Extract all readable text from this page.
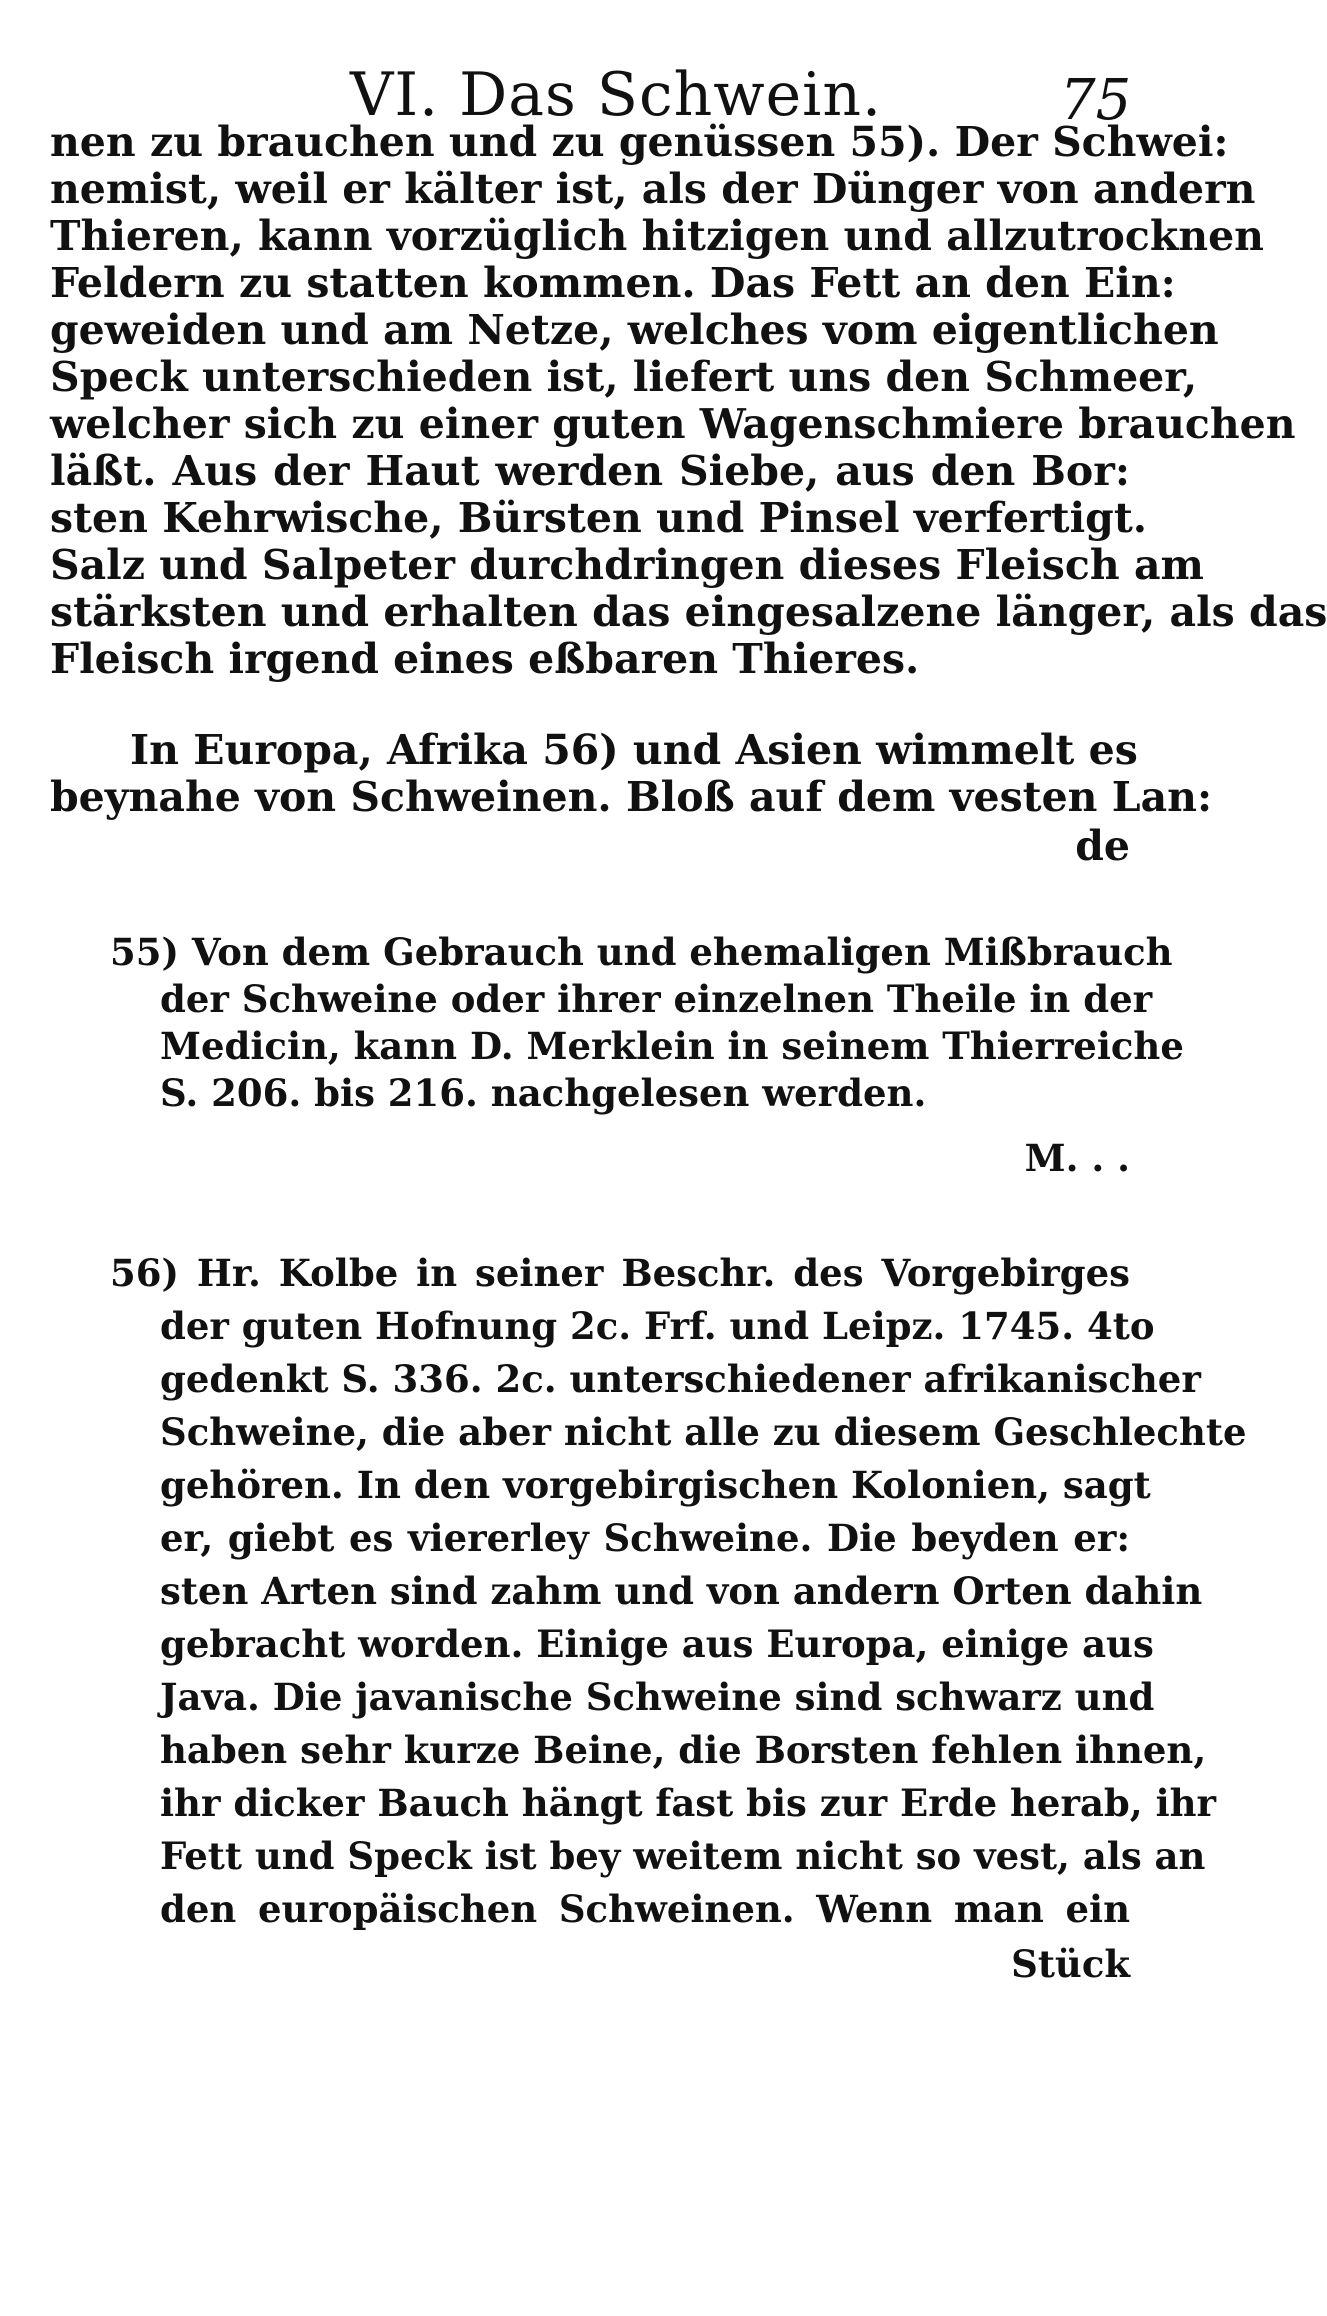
VI. Das Schwein.	75
nen zu brauchen und zu genüssen 55). Der Schwei:
nemist, weil er kälter ist, als der Dünger von andern
Thieren, kann vorzüglich hitzigen und allzutrocknen
Feldern zu statten kommen. Das Fett an den Ein:
geweiden und am Netze, welches vom eigentlichen
Speck unterschieden ist, liefert uns den Schmeer,
welcher sich zu einer guten Wagenschmiere brauchen
läßt. Aus der Haut werden Siebe, aus den Bor:
sten Kehrwische, Bürsten und Pinsel verfertigt.
Salz und Salpeter durchdringen dieses Fleisch am
stärksten und erhalten das eingesalzene länger, als das
Fleisch irgend eines eßbaren Thieres.
In Europa, Afrika 56) und Asien wimmelt es
beynahe von Schweinen. Bloß auf dem vesten Lan:
de
55) Von dem Gebrauch und ehemaligen Mißbrauch
der Schweine oder ihrer einzelnen Theile in der
Medicin, kann D. Merklein in seinem Thierreiche
S. 206. bis 216. nachgelesen werden.
M. . .
56) Hr. Kolbe in seiner Beschr. des Vorgebirges
der guten Hofnung 2c. Frf. und Leipz. 1745. 4to
gedenkt S. 336. 2c. unterschiedener afrikanischer
Schweine, die aber nicht alle zu diesem Geschlechte
gehören. In den vorgebirgischen Kolonien, sagt
er, giebt es viererley Schweine. Die beyden er:
sten Arten sind zahm und von andern Orten dahin
gebracht worden. Einige aus Europa, einige aus
Java. Die javanische Schweine sind schwarz und
haben sehr kurze Beine, die Borsten fehlen ihnen,
ihr dicker Bauch hängt fast bis zur Erde herab, ihr
Fett und Speck ist bey weitem nicht so vest, als an
den europäischen Schweinen. Wenn man ein
Stück
